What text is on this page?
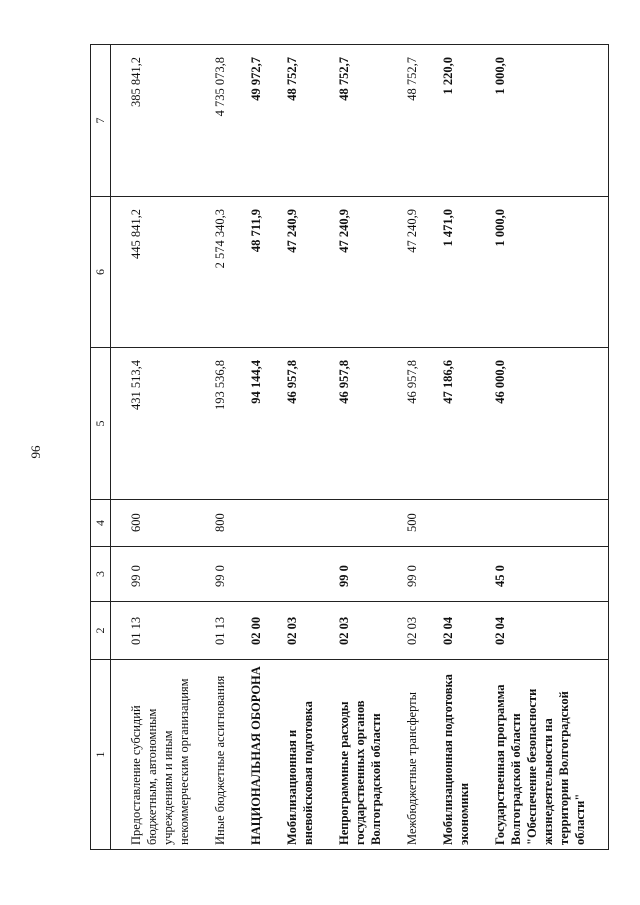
96
1	2	3	4	5	6	7

Предоставление субсидий бюджетным, автономным учреждениям и иным некоммерческим организациям	01 13	99 0	600	431 513,4	445 841,2	385 841,2

Иные бюджетные ассигнования	01 13	99 0	800	193 536,8	2 574 340,3	4 735 073,8

НАЦИОНАЛЬНАЯ ОБОРОНА	02 00			94 144,4	48 711,9	49 972,7

Мобилизационная и вневойсковая подготовка	02 03			46 957,8	47 240,9	48 752,7

Непрограммные расходы государственных органов Волгоградской области	02 03	99 0		46 957,8	47 240,9	48 752,7

Межбюджетные трансферты	02 03	99 0	500	46 957,8	47 240,9	48 752,7

Мобилизационная подготовка экономики	02 04			47 186,6	1 471,0	1 220,0

Государственная программа Волгоградской области "Обеспечение безопасности жизнедеятельности на территории Волгоградской области"	02 04	45 0		46 000,0	1 000,0	1 000,0
